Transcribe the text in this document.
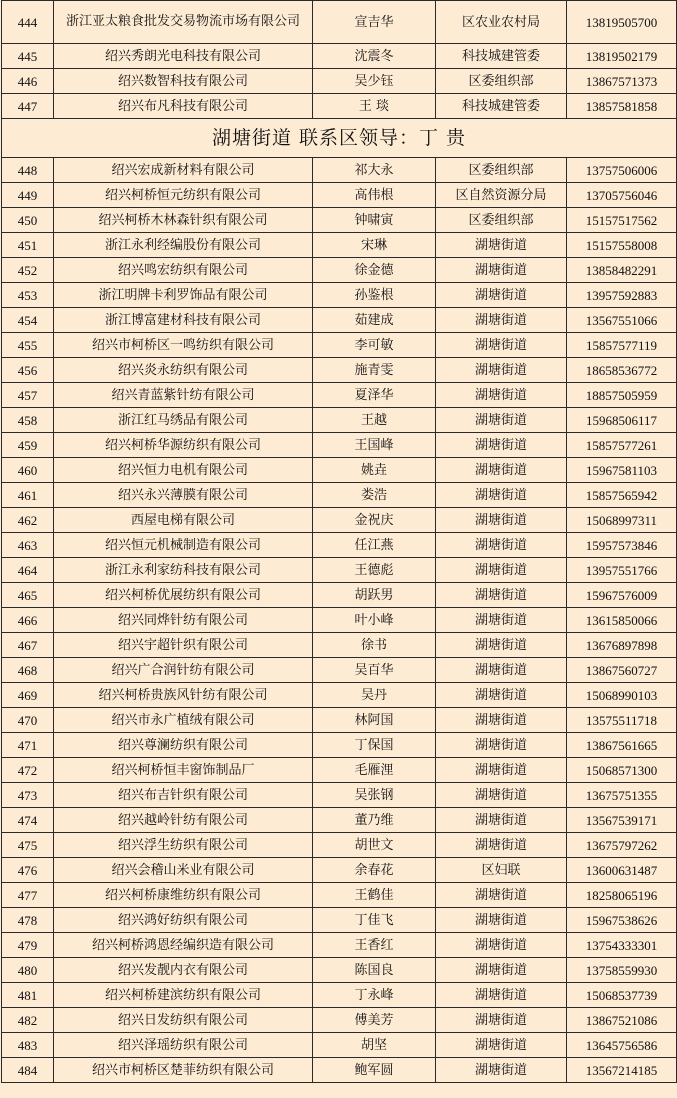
444	浙江亚太粮食批发交易物流市场有限公司	宣吉华	区农业农村局	13819505700
445	绍兴秀朗光电科技有限公司	沈震冬	科技城建管委	13819502179
446	绍兴数智科技有限公司	吴少钰	区委组织部	13867571373
447	绍兴布凡科技有限公司	王 琰	科技城建管委	13857581858
湖塘街道 联系区领导：丁 贵				
448	绍兴宏成新材料有限公司	祁大永	区委组织部	13757506006
449	绍兴柯桥恒元纺织有限公司	高伟根	区自然资源分局	13705756046
450	绍兴柯桥木林森针织有限公司	钟啸寅	区委组织部	15157517562
451	浙江永利经编股份有限公司	宋琳	湖塘街道	15157558008
452	绍兴鸣宏纺织有限公司	徐金德	湖塘街道	13858482291
453	浙江明牌卡利罗饰品有限公司	孙鉴根	湖塘街道	13957592883
454	浙江博富建材科技有限公司	茹建成	湖塘街道	13567551066
455	绍兴市柯桥区一鸣纺织有限公司	李可敏	湖塘街道	15857577119
456	绍兴炎永纺织有限公司	施青雯	湖塘街道	18658536772
457	绍兴青蓝紫针纺有限公司	夏泽华	湖塘街道	18857505959
458	浙江红马绣品有限公司	王越	湖塘街道	15968506117
459	绍兴柯桥华源纺织有限公司	王国峰	湖塘街道	15857577261
460	绍兴恒力电机有限公司	姚垚	湖塘街道	15967581103
461	绍兴永兴薄膜有限公司	娄浩	湖塘街道	15857565942
462	西屋电梯有限公司	金祝庆	湖塘街道	15068997311
463	绍兴恒元机械制造有限公司	任江燕	湖塘街道	15957573846
464	浙江永利家纺科技有限公司	王德彪	湖塘街道	13957551766
465	绍兴柯桥优展纺织有限公司	胡跃男	湖塘街道	15967576009
466	绍兴同烨针纺有限公司	叶小峰	湖塘街道	13615850066
467	绍兴宇超针织有限公司	徐书	湖塘街道	13676897898
468	绍兴广合润针纺有限公司	吴百华	湖塘街道	13867560727
469	绍兴柯桥贵族风针纺有限公司	吴丹	湖塘街道	15068990103
470	绍兴市永广植绒有限公司	林阿国	湖塘街道	13575511718
471	绍兴尊澜纺织有限公司	丁保国	湖塘街道	13867561665
472	绍兴柯桥恒丰窗饰制品厂	毛雁浬	湖塘街道	15068571300
473	绍兴布吉针织有限公司	吴张钢	湖塘街道	13675751355
474	绍兴越岭针纺有限公司	董乃维	湖塘街道	13567539171
475	绍兴浮生纺织有限公司	胡世文	湖塘街道	13675797262
476	绍兴会稽山米业有限公司	余春花	区妇联	13600631487
477	绍兴柯桥康维纺织有限公司	王鹤佳	湖塘街道	18258065196
478	绍兴鸿好纺织有限公司	丁佳飞	湖塘街道	15967538626
479	绍兴柯桥鸿恩经编织造有限公司	王香红	湖塘街道	13754333301
480	绍兴发靓内衣有限公司	陈国良	湖塘街道	13758559930
481	绍兴柯桥建滨纺织有限公司	丁永峰	湖塘街道	15068537739
482	绍兴日发纺织有限公司	傅美芳	湖塘街道	13867521086
483	绍兴泽瑶纺织有限公司	胡坚	湖塘街道	13645756586
484	绍兴市柯桥区楚菲纺织有限公司	鲍军圆	湖塘街道	13567214185
